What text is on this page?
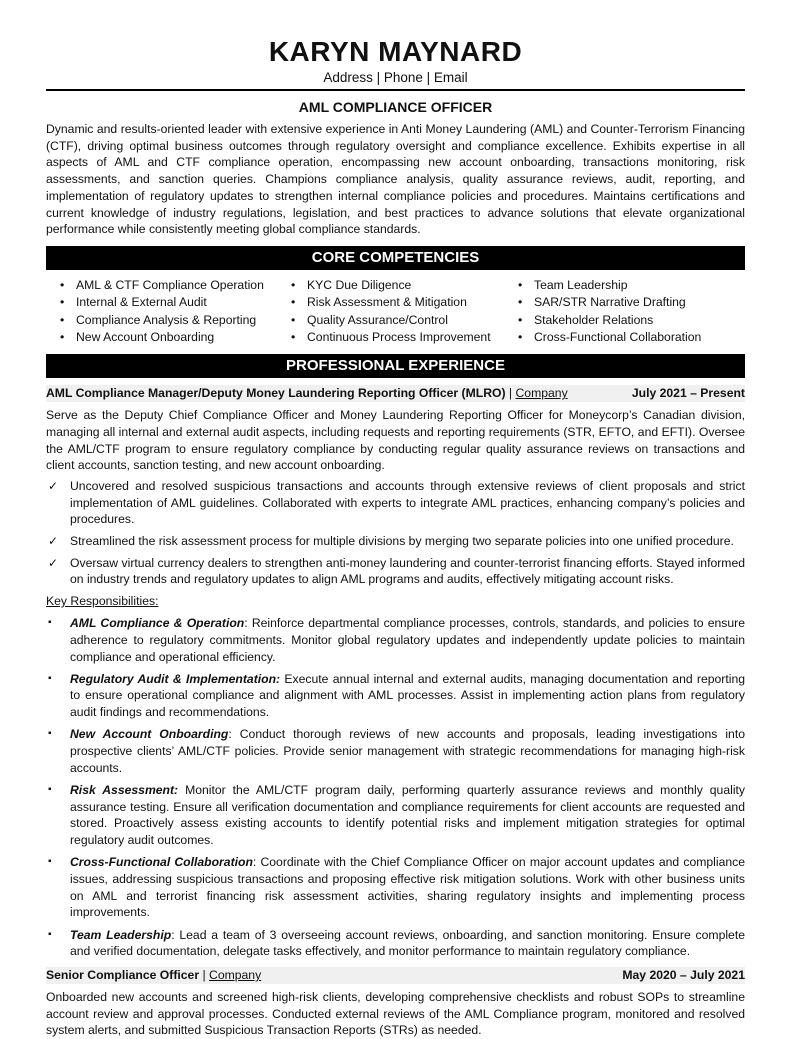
KARYN MAYNARD
Address | Phone | Email
AML COMPLIANCE OFFICER
Dynamic and results-oriented leader with extensive experience in Anti Money Laundering (AML) and Counter-Terrorism Financing (CTF), driving optimal business outcomes through regulatory oversight and compliance excellence. Exhibits expertise in all aspects of AML and CTF compliance operation, encompassing new account onboarding, transactions monitoring, risk assessments, and sanction queries. Champions compliance analysis, quality assurance reviews, audit, reporting, and implementation of regulatory updates to strengthen internal compliance policies and procedures. Maintains certifications and current knowledge of industry regulations, legislation, and best practices to advance solutions that elevate organizational performance while consistently meeting global compliance standards.
CORE COMPETENCIES
• AML & CTF Compliance Operation
• Internal & External Audit
• Compliance Analysis & Reporting
• New Account Onboarding
• KYC Due Diligence
• Risk Assessment & Mitigation
• Quality Assurance/Control
• Continuous Process Improvement
• Team Leadership
• SAR/STR Narrative Drafting
• Stakeholder Relations
• Cross-Functional Collaboration
PROFESSIONAL EXPERIENCE
AML Compliance Manager/Deputy Money Laundering Reporting Officer (MLRO) | Company	July 2021 – Present
Serve as the Deputy Chief Compliance Officer and Money Laundering Reporting Officer for Moneycorp’s Canadian division, managing all internal and external audit aspects, including requests and reporting requirements (STR, EFTO, and EFTI). Oversee the AML/CTF program to ensure regulatory compliance by conducting regular quality assurance reviews on transactions and client accounts, sanction testing, and new account onboarding.
✓ Uncovered and resolved suspicious transactions and accounts through extensive reviews of client proposals and strict implementation of AML guidelines. Collaborated with experts to integrate AML practices, enhancing company’s policies and procedures.
✓ Streamlined the risk assessment process for multiple divisions by merging two separate policies into one unified procedure.
✓ Oversaw virtual currency dealers to strengthen anti-money laundering and counter-terrorist financing efforts. Stayed informed on industry trends and regulatory updates to align AML programs and audits, effectively mitigating account risks.
Key Responsibilities:
▪ AML Compliance & Operation: Reinforce departmental compliance processes, controls, standards, and policies to ensure adherence to regulatory commitments. Monitor global regulatory updates and independently update policies to maintain compliance and operational efficiency.
▪ Regulatory Audit & Implementation: Execute annual internal and external audits, managing documentation and reporting to ensure operational compliance and alignment with AML processes. Assist in implementing action plans from regulatory audit findings and recommendations.
▪ New Account Onboarding: Conduct thorough reviews of new accounts and proposals, leading investigations into prospective clients’ AML/CTF policies. Provide senior management with strategic recommendations for managing high-risk accounts.
▪ Risk Assessment: Monitor the AML/CTF program daily, performing quarterly assurance reviews and monthly quality assurance testing. Ensure all verification documentation and compliance requirements for client accounts are requested and stored. Proactively assess existing accounts to identify potential risks and implement mitigation strategies for optimal regulatory audit outcomes.
▪ Cross-Functional Collaboration: Coordinate with the Chief Compliance Officer on major account updates and compliance issues, addressing suspicious transactions and proposing effective risk mitigation solutions. Work with other business units on AML and terrorist financing risk assessment activities, sharing regulatory insights and implementing process improvements.
▪ Team Leadership: Lead a team of 3 overseeing account reviews, onboarding, and sanction monitoring. Ensure complete and verified documentation, delegate tasks effectively, and monitor performance to maintain regulatory compliance.
Senior Compliance Officer | Company	May 2020 – July 2021
Onboarded new accounts and screened high-risk clients, developing comprehensive checklists and robust SOPs to streamline account review and approval processes. Conducted external reviews of the AML Compliance program, monitored and resolved system alerts, and submitted Suspicious Transaction Reports (STRs) as needed.
